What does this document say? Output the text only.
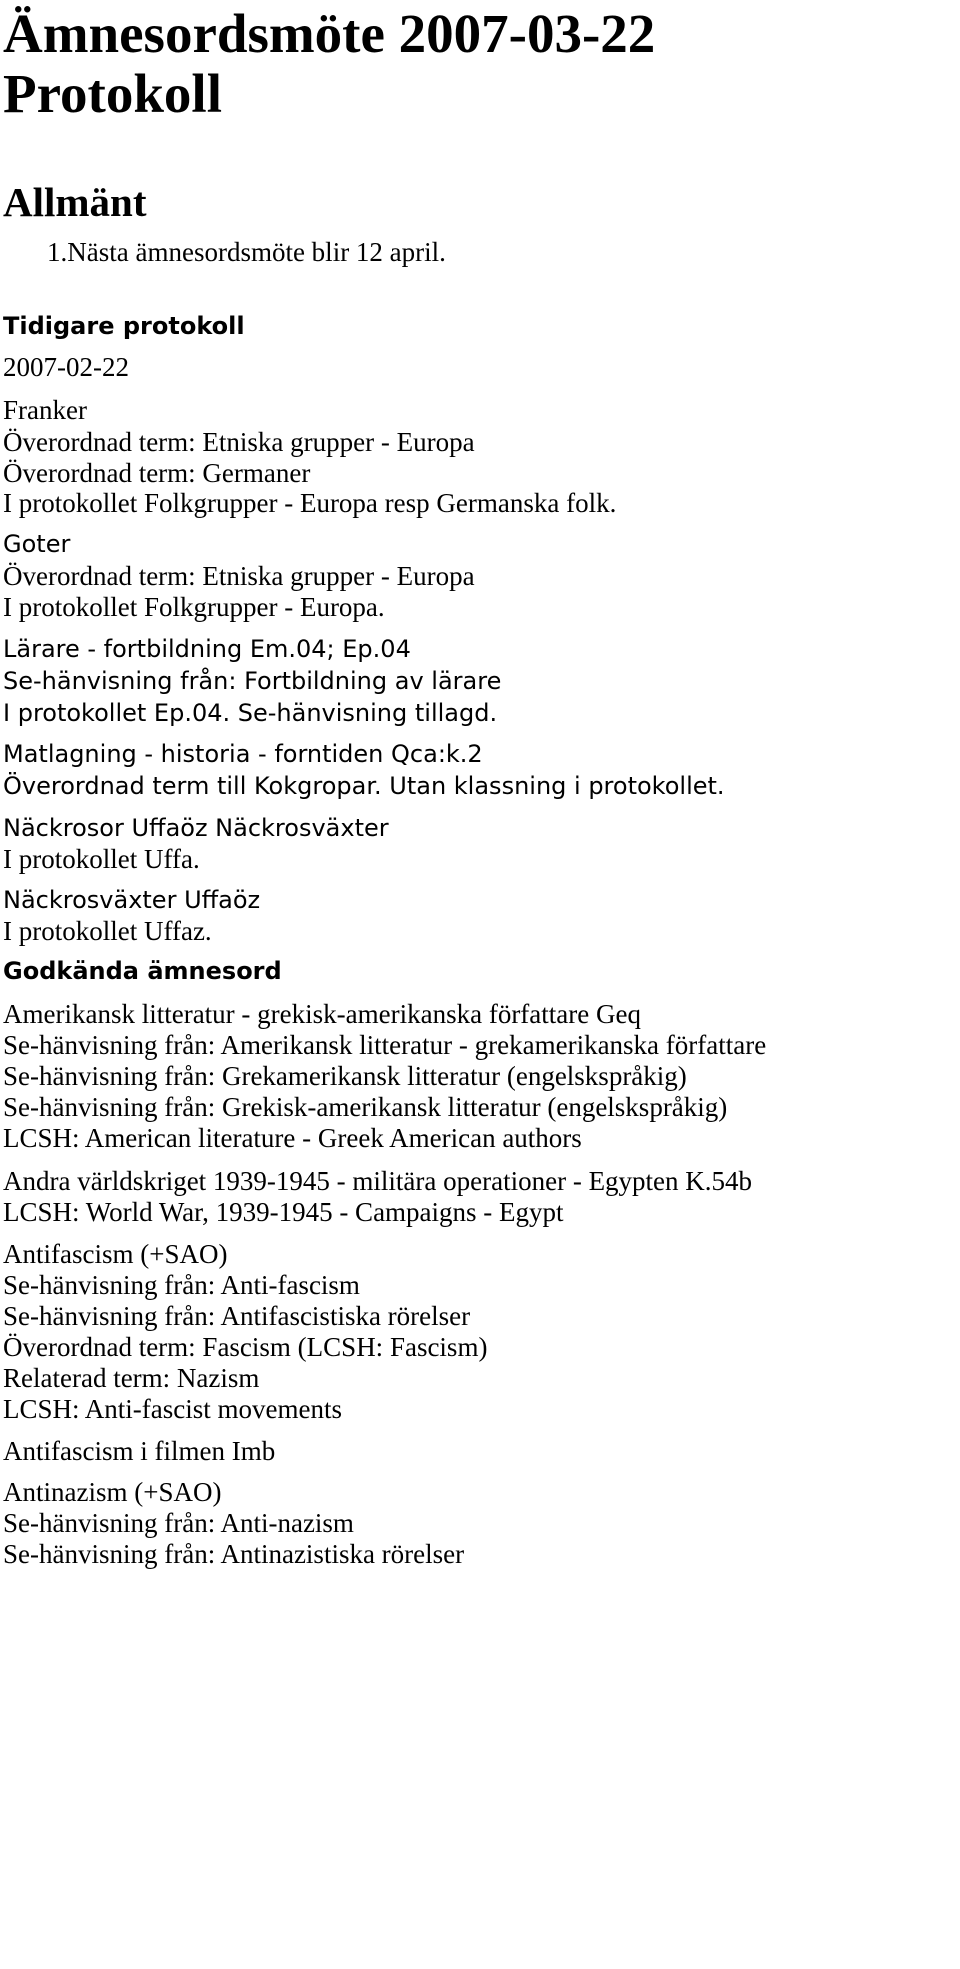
Ämnesordsmöte 2007-03-22
Protokoll
Allmänt
1.Nästa ämnesordsmöte blir 12 april.
Tidigare protokoll
2007-02-22
Franker
Överordnad term: Etniska grupper - Europa
Överordnad term: Germaner
I protokollet Folkgrupper - Europa resp Germanska folk.
Goter
Överordnad term: Etniska grupper - Europa
I protokollet Folkgrupper - Europa.
Lärare - fortbildning Em.04; Ep.04
Se-hänvisning från: Fortbildning av lärare
I protokollet Ep.04. Se-hänvisning tillagd.
Matlagning - historia - forntiden Qca:k.2
Överordnad term till Kokgropar. Utan klassning i protokollet.
Näckrosor Uffaöz Näckrosväxter
I protokollet Uffa.
Näckrosväxter Uffaöz
I protokollet Uffaz.
Godkända ämnesord
Amerikansk litteratur - grekisk-amerikanska författare Geq
Se-hänvisning från: Amerikansk litteratur - grekamerikanska författare
Se-hänvisning från: Grekamerikansk litteratur (engelskspråkig)
Se-hänvisning från: Grekisk-amerikansk litteratur (engelskspråkig)
LCSH: American literature - Greek American authors
Andra världskriget 1939-1945 - militära operationer - Egypten K.54b
LCSH: World War, 1939-1945 - Campaigns - Egypt
Antifascism (+SAO)
Se-hänvisning från: Anti-fascism
Se-hänvisning från: Antifascistiska rörelser
Överordnad term: Fascism (LCSH: Fascism)
Relaterad term: Nazism
LCSH: Anti-fascist movements
Antifascism i filmen Imb
Antinazism (+SAO)
Se-hänvisning från: Anti-nazism
Se-hänvisning från: Antinazistiska rörelser
